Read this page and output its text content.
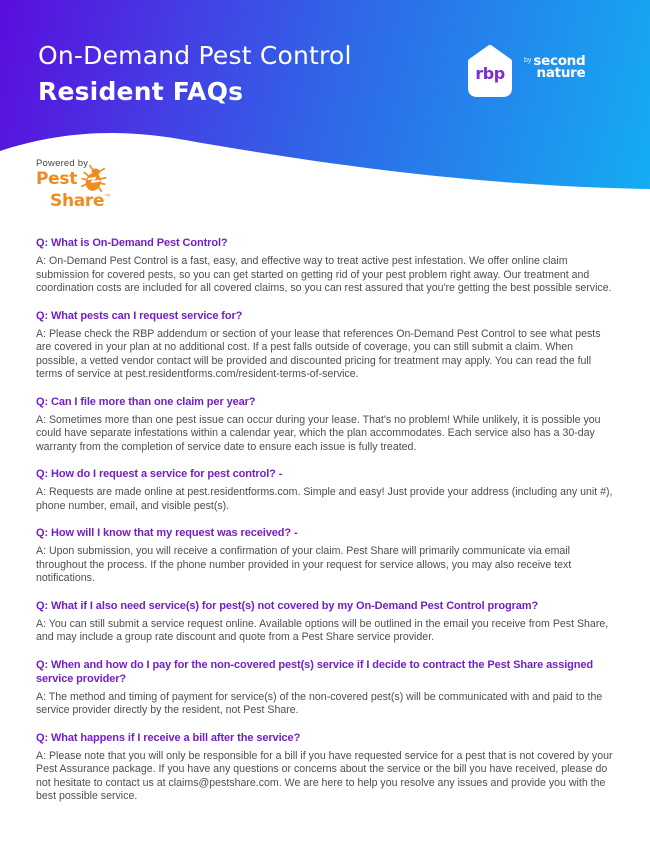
On-Demand Pest Control
Resident FAQs
rbp
by second
nature
Powered by
Pest
Share ™
Q: What is On-Demand Pest Control?
A: On-Demand Pest Control is a fast, easy, and effective way to treat active pest infestation. We offer online claim submission for covered pests, so you can get started on getting rid of your pest problem right away. Our treatment and coordination costs are included for all covered claims, so you can rest assured that you're getting the best possible service.
Q: What pests can I request service for?
A: Please check the RBP addendum or section of your lease that references On-Demand Pest Control to see what pests are covered in your plan at no additional cost. If a pest falls outside of coverage, you can still submit a claim. When possible, a vetted vendor contact will be provided and discounted pricing for treatment may apply. You can read the full terms of service at pest.residentforms.com/resident-terms-of-service.
Q: Can I file more than one claim per year?
A: Sometimes more than one pest issue can occur during your lease. That's no problem! While unlikely, it is possible you could have separate infestations within a calendar year, which the plan accommodates. Each service also has a 30-day warranty from the completion of service date to ensure each issue is fully treated.
Q: How do I request a service for pest control? -
A: Requests are made online at pest.residentforms.com. Simple and easy! Just provide your address (including any unit #), phone number, email, and visible pest(s).
Q: How will I know that my request was received? -
A: Upon submission, you will receive a confirmation of your claim. Pest Share will primarily communicate via email throughout the process. If the phone number provided in your request for service allows, you may also receive text notifications.
Q: What if I also need service(s) for pest(s) not covered by my On-Demand Pest Control program?
A: You can still submit a service request online. Available options will be outlined in the email you receive from Pest Share, and may include a group rate discount and quote from a Pest Share service provider.
Q: When and how do I pay for the non-covered pest(s) service if I decide to contract the Pest Share assigned service provider?
A: The method and timing of payment for service(s) of the non-covered pest(s) will be communicated with and paid to the service provider directly by the resident, not Pest Share.
Q: What happens if I receive a bill after the service?
A: Please note that you will only be responsible for a bill if you have requested service for a pest that is not covered by your Pest Assurance package. If you have any questions or concerns about the service or the bill you have received, please do not hesitate to contact us at claims@pestshare.com. We are here to help you resolve any issues and provide you with the best possible service.
